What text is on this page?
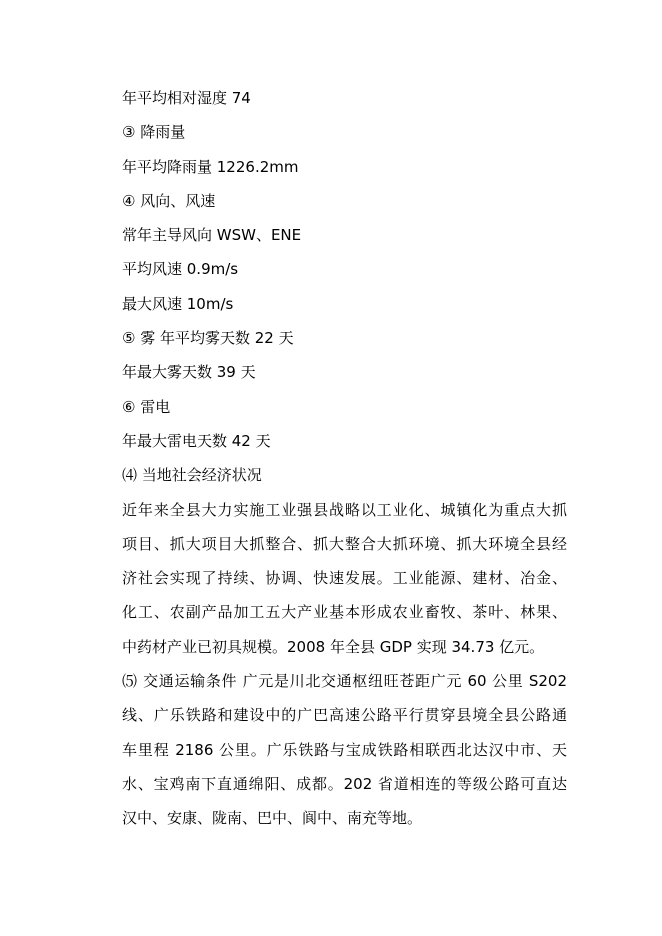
年平均相对湿度 74
③ 降雨量
年平均降雨量 1226.2mm
④ 风向、风速
常年主导风向 WSW、ENE
平均风速 0.9m/s
最大风速 10m/s
⑤ 雾 年平均雾天数 22 天
年最大雾天数 39 天
⑥ 雷电
年最大雷电天数 42 天
⑷ 当地社会经济状况
近年来全县大力实施工业强县战略以工业化、城镇化为重点大抓
项目、抓大项目大抓整合、抓大整合大抓环境、抓大环境全县经
济社会实现了持续、协调、快速发展。工业能源、建材、冶金、
化工、农副产品加工五大产业基本形成农业畜牧、茶叶、林果、
中药材产业已初具规模。2008 年全县 GDP 实现 34.73 亿元。
⑸ 交通运输条件 广元是川北交通枢纽旺苍距广元 60 公里 S202
线、广乐铁路和建设中的广巴高速公路平行贯穿县境全县公路通
车里程 2186 公里。广乐铁路与宝成铁路相联西北达汉中市、天
水、宝鸡南下直通绵阳、成都。202 省道相连的等级公路可直达
汉中、安康、陇南、巴中、阆中、南充等地。
